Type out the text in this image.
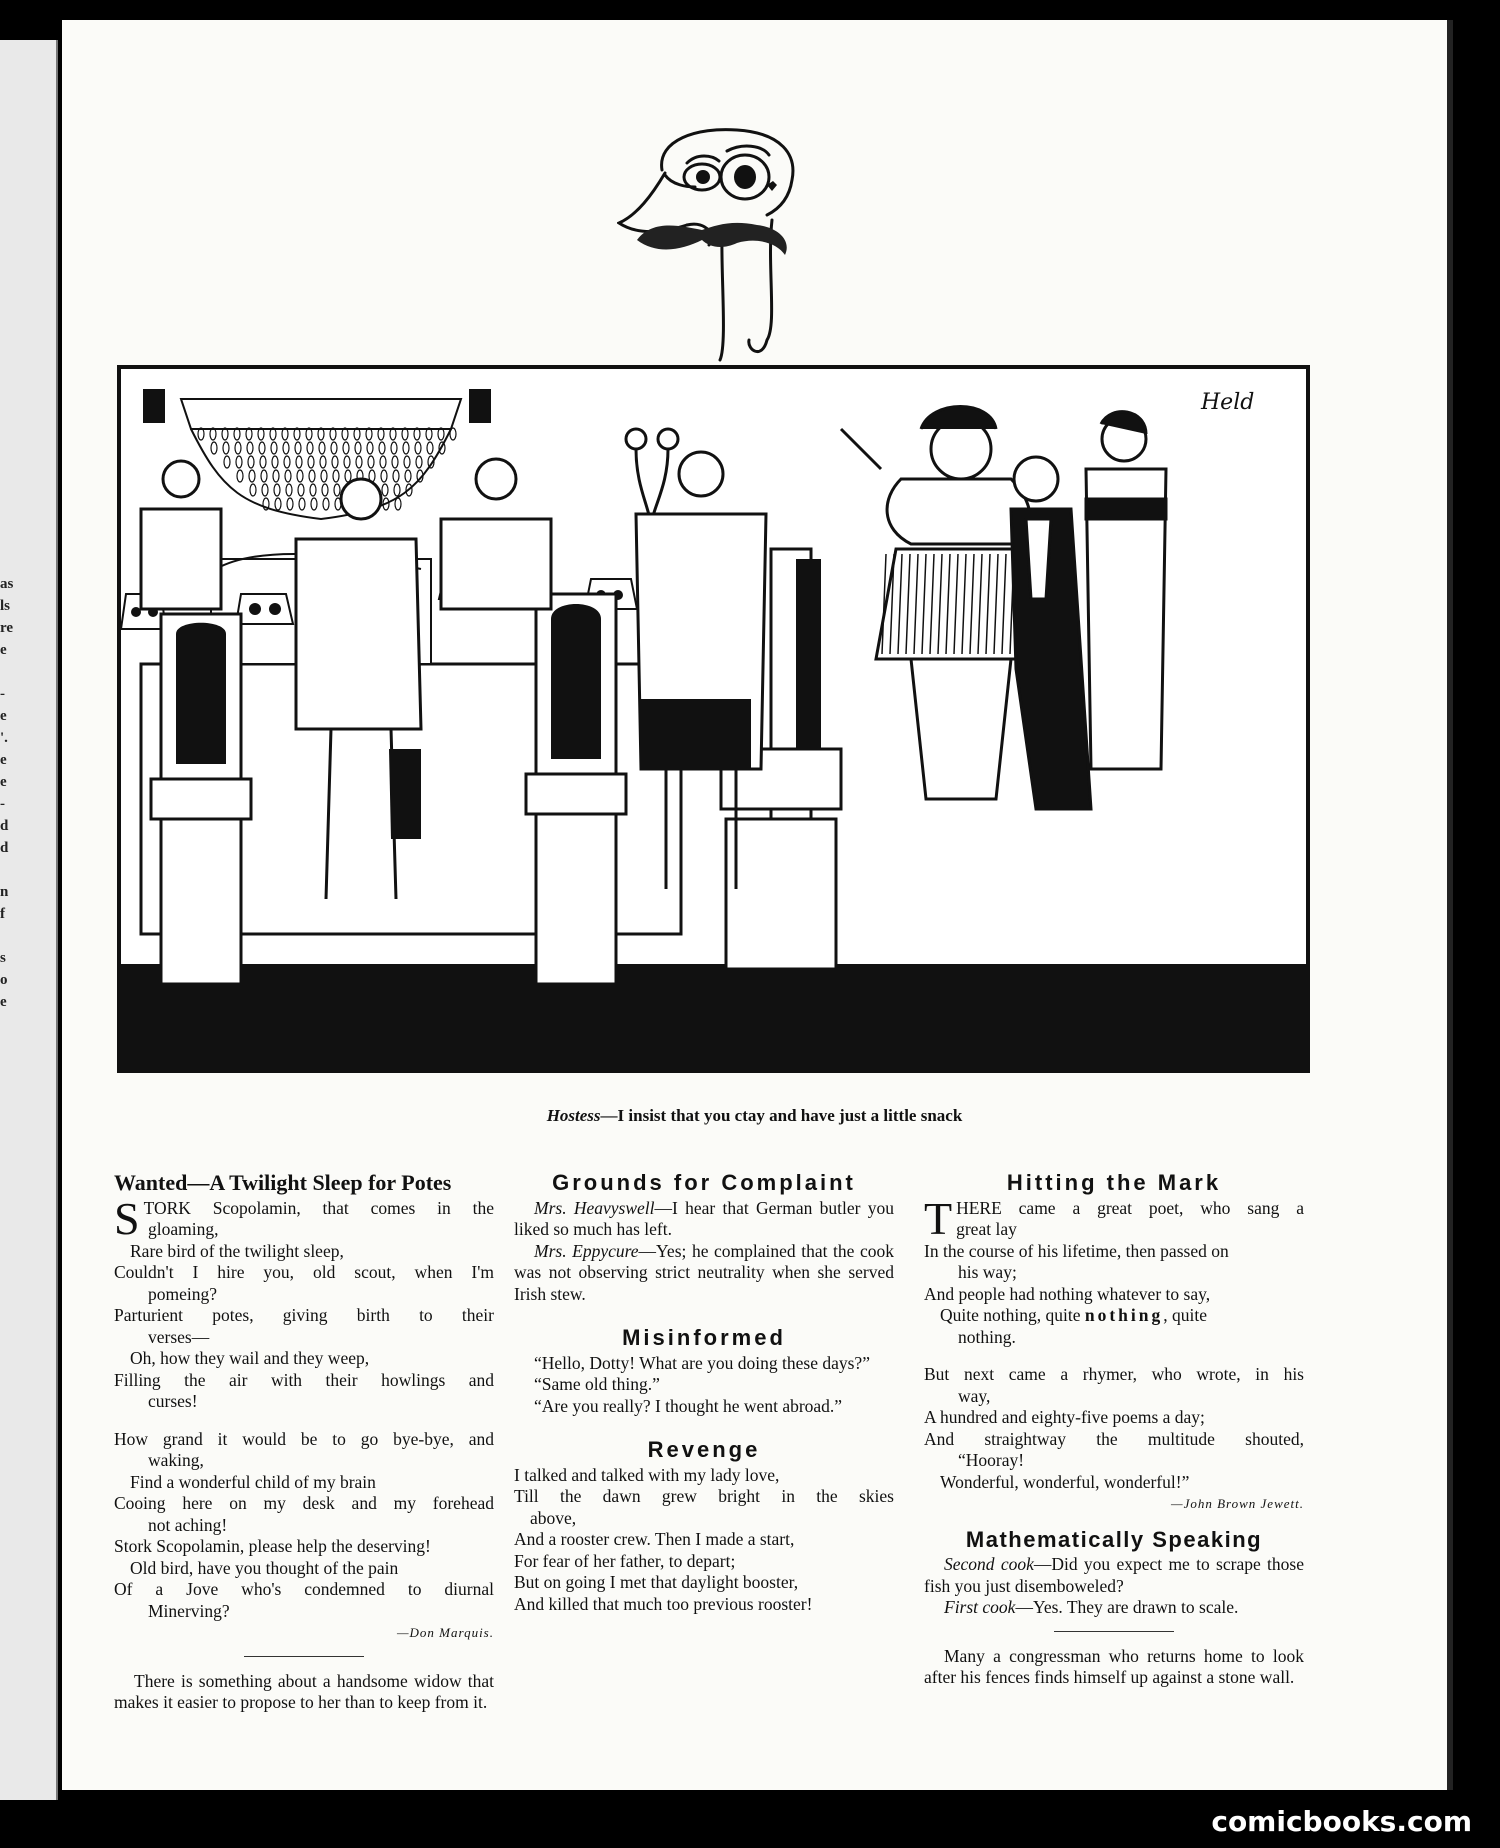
as
ls
re
e
-
e
'.
e
e
-
d
d
n
f
s
o
e
Held
Hostess—I insist that you ctay and have just a little snack
Wanted—A Twilight Sleep for Potes
S TORK Scopolamin, that comes in the
gloaming,
Rare bird of the twilight sleep,
Couldn't I hire you, old scout, when I'm
pomeing?
Parturient potes, giving birth to their
verses—
Oh, how they wail and they weep,
Filling the air with their howlings and
curses!
How grand it would be to go bye-bye, and
waking,
Find a wonderful child of my brain
Cooing here on my desk and my forehead
not aching!
Stork Scopolamin, please help the deserving!
Old bird, have you thought of the pain
Of a Jove who's condemned to diurnal
Minerving?
—Don Marquis.

There is something about a handsome widow that makes it easier to propose to her than to keep from it.

Grounds for Complaint

Mrs. Heavyswell—I hear that German butler you liked so much has left.

Mrs. Eppycure—Yes; he complained that the cook was not observing strict neutrality when she served Irish stew.

Misinformed

“Hello, Dotty! What are you doing these days?”

“Same old thing.”

“Are you really? I thought he went abroad.”

Revenge
I talked and talked with my lady love,
Till the dawn grew bright in the skies
above,
And a rooster crew. Then I made a start,
For fear of her father, to depart;
But on going I met that daylight booster,
And killed that much too previous rooster!
Hitting the Mark
T HERE came a great poet, who sang a
great lay
In the course of his lifetime, then passed on
his way;
And people had nothing whatever to say,
Quite nothing, quite nothing, quite
nothing.
But next came a rhymer, who wrote, in his
way,
A hundred and eighty-five poems a day;
And straightway the multitude shouted,
“Hooray!
Wonderful, wonderful, wonderful!”
—John Brown Jewett.
Mathematically Speaking

Second cook—Did you expect me to scrape those fish you just disemboweled?

First cook—Yes. They are drawn to scale.

Many a congressman who returns home to look after his fences finds himself up against a stone wall.

comicbooks.com
